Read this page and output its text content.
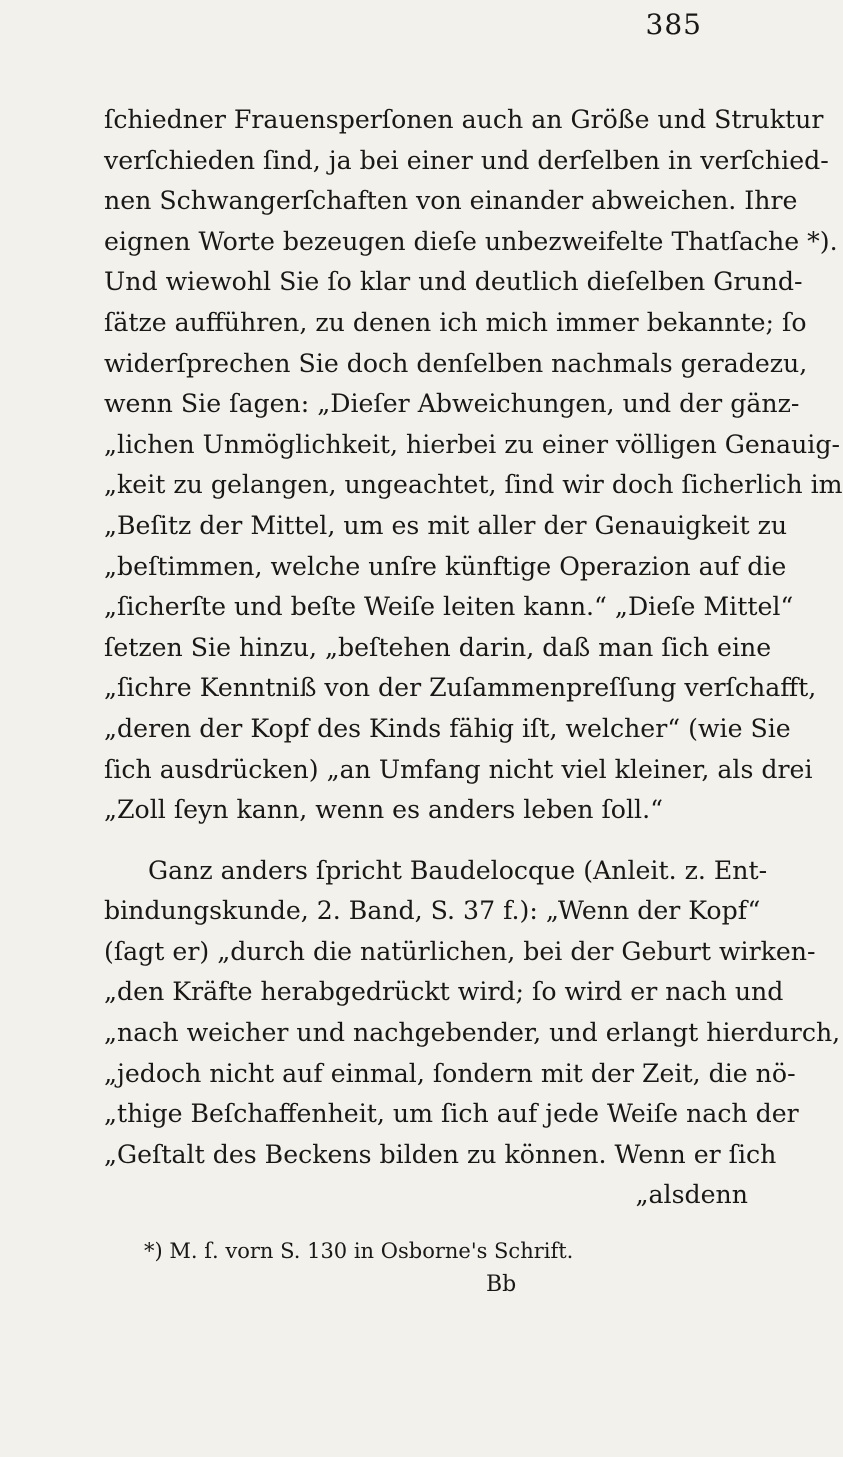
385
ſchiedner Frauensperſonen auch an Größe und Struktur
verſchieden ſind, ja bei einer und derſelben in verſchied-
nen Schwangerſchaften von einander abweichen. Ihre
eignen Worte bezeugen dieſe unbezweifelte Thatſache *).
Und wiewohl Sie ſo klar und deutlich dieſelben Grund-
ſätze aufführen, zu denen ich mich immer bekannte; ſo
widerſprechen Sie doch denſelben nachmals geradezu,
wenn Sie ſagen: „Dieſer Abweichungen, und der gänz-
„lichen Unmöglichkeit, hierbei zu einer völligen Genauig-
„keit zu gelangen, ungeachtet, ſind wir doch ſicherlich im
„Beſitz der Mittel, um es mit aller der Genauigkeit zu
„beſtimmen, welche unſre künftige Operazion auf die
„ſicherſte und beſte Weiſe leiten kann.“ „Dieſe Mittel“
ſetzen Sie hinzu, „beſtehen darin, daß man ſich eine
„ſichre Kenntniß von der Zuſammenpreſſung verſchafft,
„deren der Kopf des Kinds fähig iſt, welcher“ (wie Sie
ſich ausdrücken) „an Umfang nicht viel kleiner, als drei
„Zoll ſeyn kann, wenn es anders leben ſoll.“
Ganz anders ſpricht Baudelocque (Anleit. z. Ent-
bindungskunde, 2. Band, S. 37 f.): „Wenn der Kopf“
(ſagt er) „durch die natürlichen, bei der Geburt wirken-
„den Kräfte herabgedrückt wird; ſo wird er nach und
„nach weicher und nachgebender, und erlangt hierdurch,
„jedoch nicht auf einmal, ſondern mit der Zeit, die nö-
„thige Beſchaffenheit, um ſich auf jede Weiſe nach der
„Geſtalt des Beckens bilden zu können. Wenn er ſich
„alsdenn
*) M. ſ. vorn S. 130 in Osborne's Schrift.
Bb
